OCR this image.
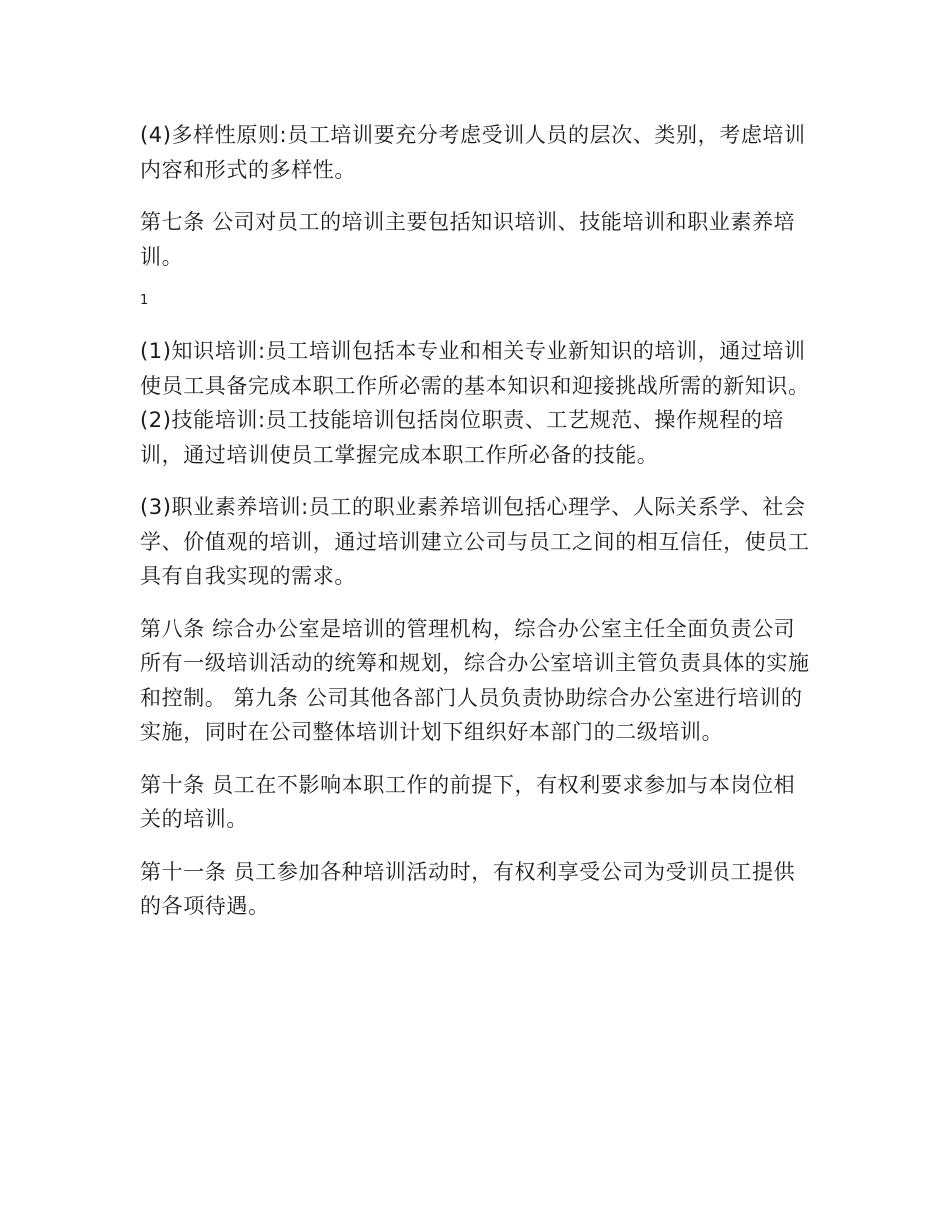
(4)多样性原则:员工培训要充分考虑受训人员的层次、类别，考虑培训内容和形式的多样性。

第七条 公司对员工的培训主要包括知识培训、技能培训和职业素养培训。

1

(1)知识培训:员工培训包括本专业和相关专业新知识的培训，通过培训使员工具备完成本职工作所必需的基本知识和迎接挑战所需的新知识。 (2)技能培训:员工技能培训包括岗位职责、工艺规范、操作规程的培训，通过培训使员工掌握完成本职工作所必备的技能。

(3)职业素养培训:员工的职业素养培训包括心理学、人际关系学、社会学、价值观的培训，通过培训建立公司与员工之间的相互信任，使员工具有自我实现的需求。

第八条 综合办公室是培训的管理机构，综合办公室主任全面负责公司所有一级培训活动的统筹和规划，综合办公室培训主管负责具体的实施和控制。 第九条 公司其他各部门人员负责协助综合办公室进行培训的实施，同时在公司整体培训计划下组织好本部门的二级培训。

第十条 员工在不影响本职工作的前提下，有权利要求参加与本岗位相关的培训。

第十一条 员工参加各种培训活动时，有权利享受公司为受训员工提供的各项待遇。
